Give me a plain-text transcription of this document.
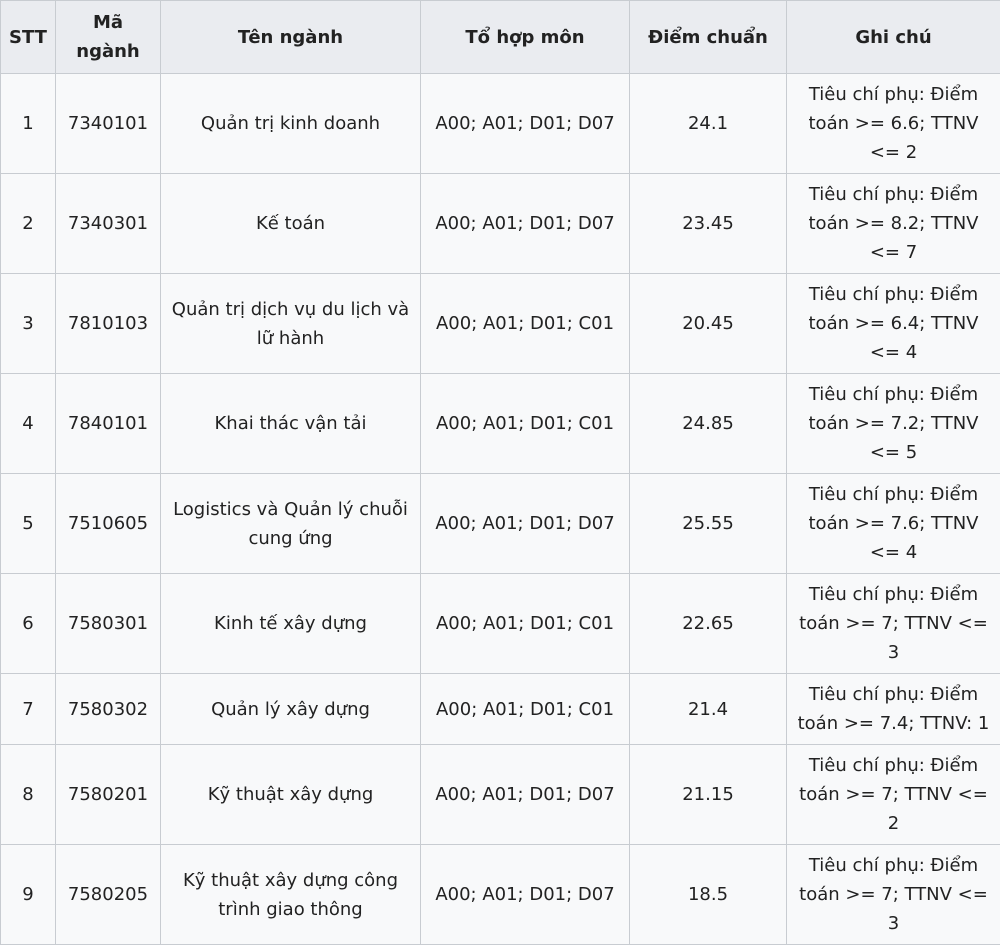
STT	Mã ngành	Tên ngành	Tổ hợp môn	Điểm chuẩn	Ghi chú
1	7340101	Quản trị kinh doanh	A00; A01; D01; D07	24.1	Tiêu chí phụ: Điểm toán >= 6.6; TTNV <= 2
2	7340301	Kế toán	A00; A01; D01; D07	23.45	Tiêu chí phụ: Điểm toán >= 8.2; TTNV <= 7
3	7810103	Quản trị dịch vụ du lịch và lữ hành	A00; A01; D01; C01	20.45	Tiêu chí phụ: Điểm toán >= 6.4; TTNV <= 4
4	7840101	Khai thác vận tải	A00; A01; D01; C01	24.85	Tiêu chí phụ: Điểm toán >= 7.2; TTNV <= 5
5	7510605	Logistics và Quản lý chuỗi cung ứng	A00; A01; D01; D07	25.55	Tiêu chí phụ: Điểm toán >= 7.6; TTNV <= 4
6	7580301	Kinh tế xây dựng	A00; A01; D01; C01	22.65	Tiêu chí phụ: Điểm toán >= 7; TTNV <= 3
7	7580302	Quản lý xây dựng	A00; A01; D01; C01	21.4	Tiêu chí phụ: Điểm toán >= 7.4; TTNV: 1
8	7580201	Kỹ thuật xây dựng	A00; A01; D01; D07	21.15	Tiêu chí phụ: Điểm toán >= 7; TTNV <= 2
9	7580205	Kỹ thuật xây dựng công trình giao thông	A00; A01; D01; D07	18.5	Tiêu chí phụ: Điểm toán >= 7; TTNV <= 3
